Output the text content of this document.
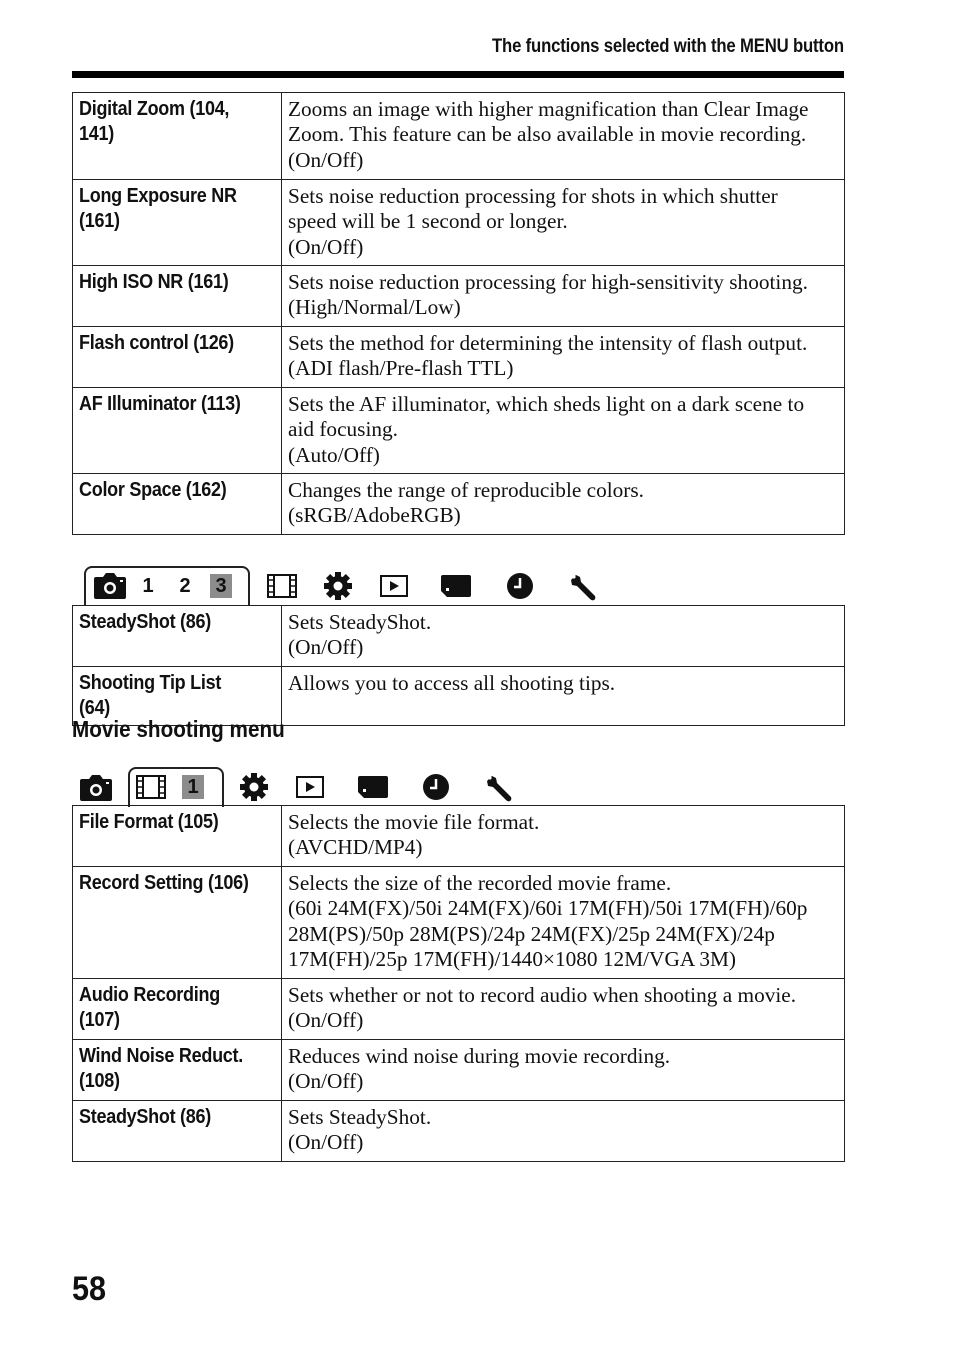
The functions selected with the MENU button
Digital Zoom (104,
141)	Zooms an image with higher magnification than Clear Image
Zoom. This feature can be also available in movie recording.
(On/Off)
Long Exposure NR
(161)	Sets noise reduction processing for shots in which shutter
speed will be 1 second or longer.
(On/Off)
High ISO NR (161)	Sets noise reduction processing for high-sensitivity shooting.
(High/Normal/Low)
Flash control (126)	Sets the method for determining the intensity of flash output.
(ADI flash/Pre-flash TTL)
AF Illuminator (113)	Sets the AF illuminator, which sheds light on a dark scene to
aid focusing.
(Auto/Off)
Color Space (162)	Changes the range of reproducible colors.
(sRGB/AdobeRGB)
1 2 3
SteadyShot (86)	Sets SteadyShot.
(On/Off)
Shooting Tip List (64)	Allows you to access all shooting tips.
Movie shooting menu
1
File Format (105)	Selects the movie file format.
(AVCHD/MP4)
Record Setting (106)	Selects the size of the recorded movie frame.
(60i 24M(FX)/50i 24M(FX)/60i 17M(FH)/50i 17M(FH)/60p
28M(PS)/50p 28M(PS)/24p 24M(FX)/25p 24M(FX)/24p
17M(FH)/25p 17M(FH)/1440×1080 12M/VGA 3M)
Audio Recording
(107)	Sets whether or not to record audio when shooting a movie.
(On/Off)
Wind Noise Reduct.
(108)	Reduces wind noise during movie recording.
(On/Off)
SteadyShot (86)	Sets SteadyShot.
(On/Off)
58
